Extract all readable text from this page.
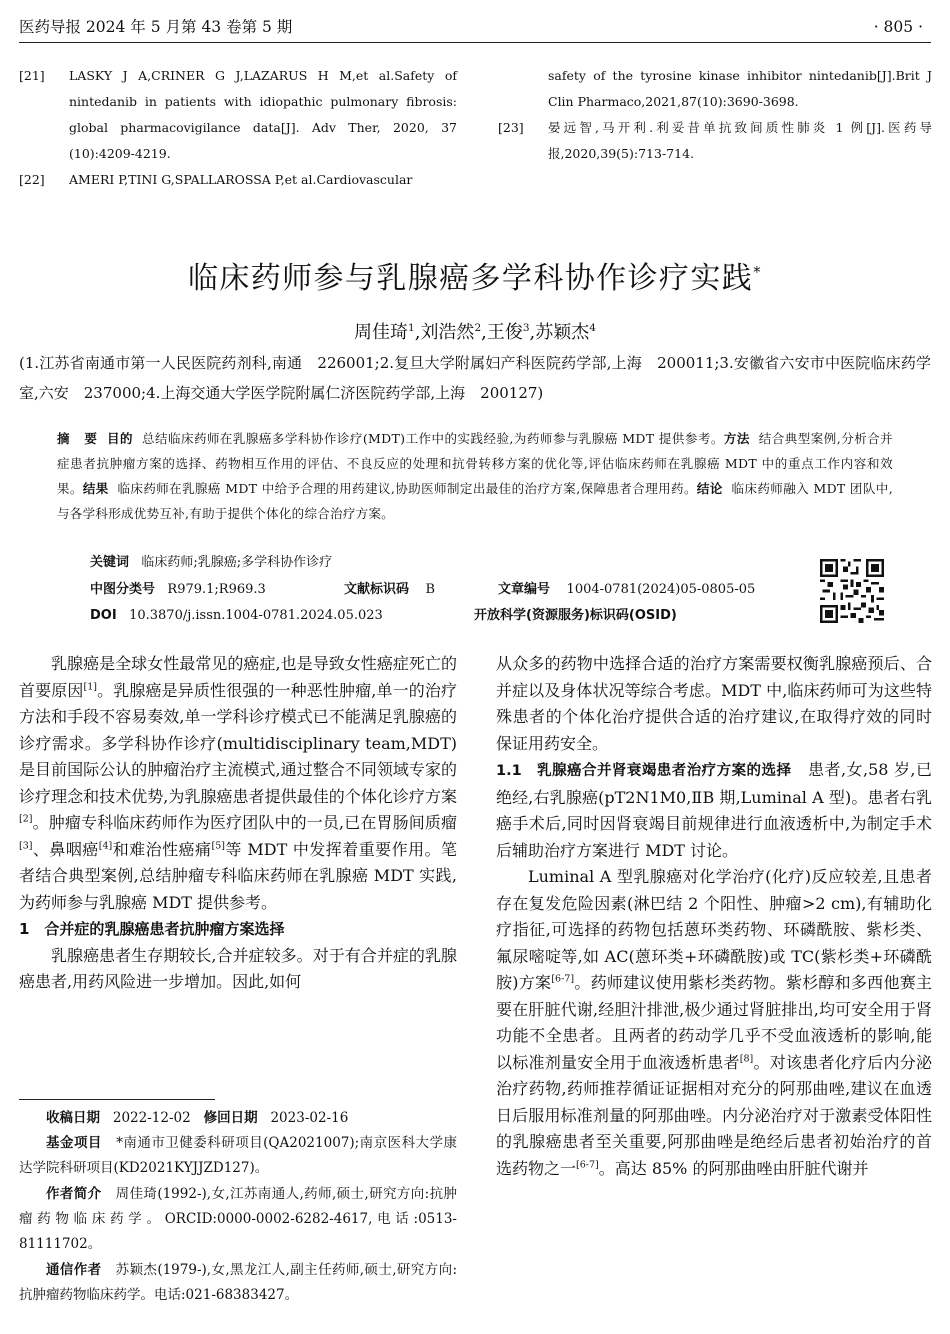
医药导报 2024 年 5 月第 43 卷第 5 期	· 805 ·
[21]	LASKY J A,CRINER G J,LAZARUS H M,et al.Safety of nintedanib in patients with idiopathic pulmonary fibrosis: global pharmacovigilance data[J]. Adv Ther, 2020, 37 (10):4209-4219.
[22]	AMERI P,TINI G,SPALLAROSSA P,et al.Cardiovascular
safety of the tyrosine kinase inhibitor nintedanib[J].Brit J Clin Pharmaco,2021,87(10):3690-3698.
[23]	晏远智,马开利.利妥昔单抗致间质性肺炎 1 例[J].医药导报,2020,39(5):713-714.
临床药师参与乳腺癌多学科协作诊疗实践*
周佳琦$^1$,刘浩然$^2$,王俊$^3$,苏颖杰$^4$
(1.江苏省南通市第一人民医院药剂科,南通　226001;2.复旦大学附属妇产科医院药学部,上海　200011;3.安徽省六安市中医院临床药学室,六安　237000;4.上海交通大学医学院附属仁济医院药学部,上海　200127)
摘　要 目的 总结临床药师在乳腺癌多学科协作诊疗(MDT)工作中的实践经验,为药师参与乳腺癌 MDT 提供参考。方法 结合典型案例,分析合并症患者抗肿瘤方案的选择、药物相互作用的评估、不良反应的处理和抗骨转移方案的优化等,评估临床药师在乳腺癌 MDT 中的重点工作内容和效果。结果 临床药师在乳腺癌 MDT 中给予合理的用药建议,协助医师制定出最佳的治疗方案,保障患者合理用药。结论 临床药师融入 MDT 团队中,与各学科形成优势互补,有助于提供个体化的综合治疗方案。
关键词 临床药师;乳腺癌;多学科协作诊疗
中图分类号 R979.1;R969.3	文献标识码 B	文章编号 1004-0781(2024)05-0805-05
DOI 10.3870/j.issn.1004-0781.2024.05.023	开放科学(资源服务)标识码(OSID)

乳腺癌是全球女性最常见的癌症,也是导致女性癌症死亡的首要原因[1]。乳腺癌是异质性很强的一种恶性肿瘤,单一的治疗方法和手段不容易奏效,单一学科诊疗模式已不能满足乳腺癌的诊疗需求。多学科协作诊疗(multidisciplinary team,MDT)是目前国际公认的肿瘤治疗主流模式,通过整合不同领域专家的诊疗理念和技术优势,为乳腺癌患者提供最佳的个体化诊疗方案[2]。肿瘤专科临床药师作为医疗团队中的一员,已在胃肠间质瘤[3]、鼻咽癌[4]和难治性癌痛[5]等 MDT 中发挥着重要作用。笔者结合典型案例,总结肿瘤专科临床药师在乳腺癌 MDT 实践,为药师参与乳腺癌 MDT 提供参考。

1　合并症的乳腺癌患者抗肿瘤方案选择

乳腺癌患者生存期较长,合并症较多。对于有合并症的乳腺癌患者,用药风险进一步增加。因此,如何

收稿日期 2022-12-02 修回日期 2023-02-16

基金项目 *南通市卫健委科研项目(QA2021007);南京医科大学康达学院科研项目(KD2021KYJJZD127)。

作者简介 周佳琦(1992-),女,江苏南通人,药师,硕士,研究方向:抗肿瘤药物临床药学。ORCID:0000-0002-6282-4617,电话:0513-81111702。

通信作者 苏颖杰(1979-),女,黑龙江人,副主任药师,硕士,研究方向:抗肿瘤药物临床药学。电话:021-68383427。

从众多的药物中选择合适的治疗方案需要权衡乳腺癌预后、合并症以及身体状况等综合考虑。MDT 中,临床药师可为这些特殊患者的个体化治疗提供合适的治疗建议,在取得疗效的同时保证用药安全。

1.1　乳腺癌合并肾衰竭患者治疗方案的选择 患者,女,58 岁,已绝经,右乳腺癌(pT2N1M0,ⅡB 期,Luminal A 型)。患者右乳癌手术后,同时因肾衰竭目前规律进行血液透析中,为制定手术后辅助治疗方案进行 MDT 讨论。

Luminal A 型乳腺癌对化学治疗(化疗)反应较差,且患者存在复发危险因素(淋巴结 2 个阳性、肿瘤>2 cm),有辅助化疗指征,可选择的药物包括蒽环类药物、环磷酰胺、紫杉类、氟尿嘧啶等,如 AC(蒽环类+环磷酰胺)或 TC(紫杉类+环磷酰胺)方案[6-7]。药师建议使用紫杉类药物。紫杉醇和多西他赛主要在肝脏代谢,经胆汁排泄,极少通过肾脏排出,均可安全用于肾功能不全患者。且两者的药动学几乎不受血液透析的影响,能以标准剂量安全用于血液透析患者[8]。对该患者化疗后内分泌治疗药物,药师推荐循证证据相对充分的阿那曲唑,建议在血透日后服用标准剂量的阿那曲唑。内分泌治疗对于激素受体阳性的乳腺癌患者至关重要,阿那曲唑是绝经后患者初始治疗的首选药物之一[6-7]。高达 85% 的阿那曲唑由肝脏代谢并
